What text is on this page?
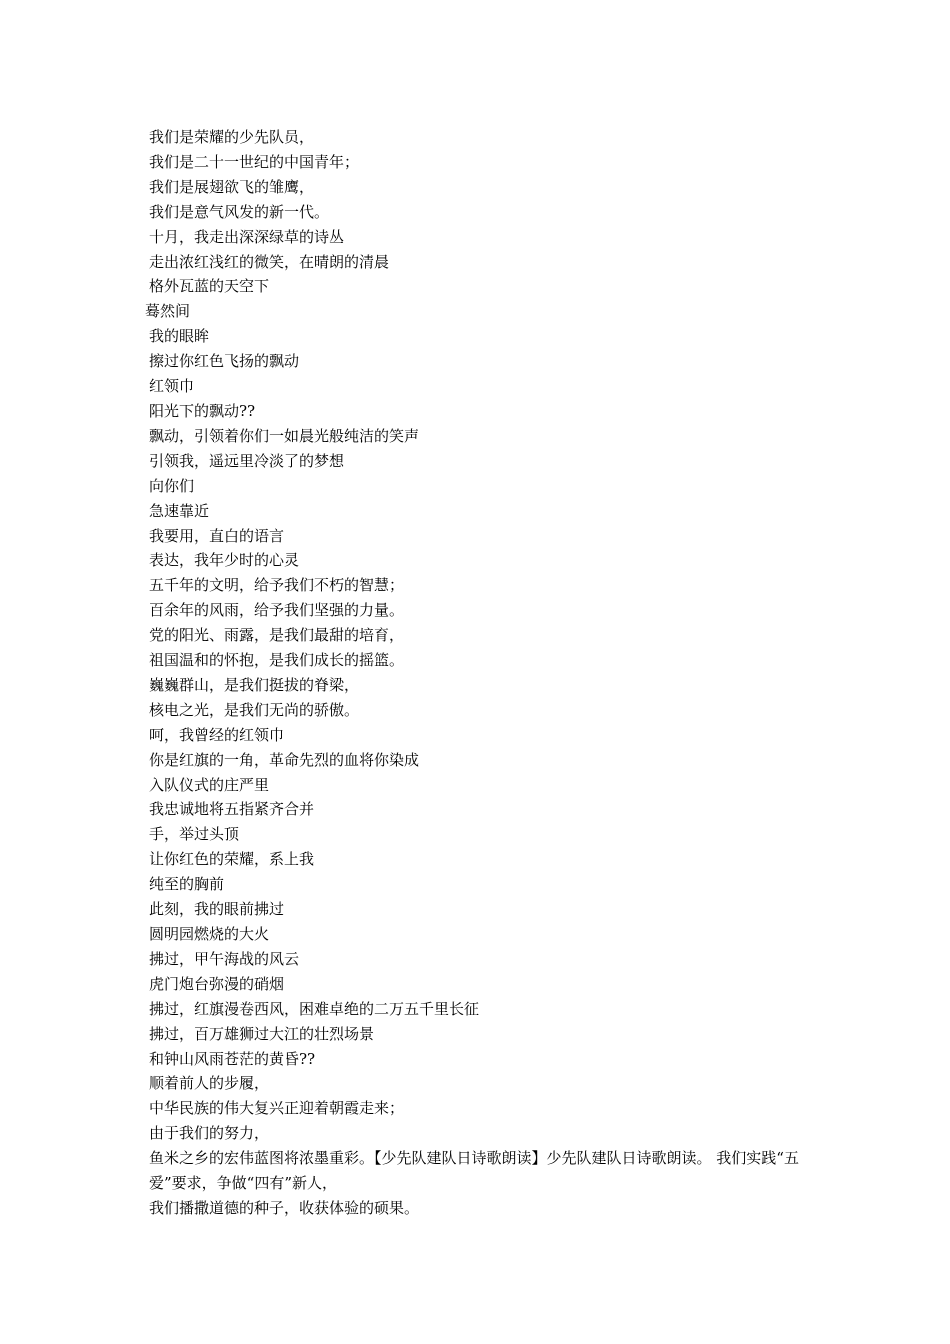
我们是荣耀的少先队员，
我们是二十一世纪的中国青年；
我们是展翅欲飞的雏鹰，
我们是意气风发的新一代。
十月，我走出深深绿草的诗丛
走出浓红浅红的微笑，在晴朗的清晨
格外瓦蓝的天空下
蓦然间
我的眼眸
擦过你红色飞扬的飘动
红领巾
阳光下的飘动??
飘动，引领着你们一如晨光般纯洁的笑声
引领我，遥远里冷淡了的梦想
向你们
急速靠近
我要用，直白的语言
表达，我年少时的心灵
五千年的文明，给予我们不朽的智慧；
百余年的风雨，给予我们坚强的力量。
党的阳光、雨露，是我们最甜的培育，
祖国温和的怀抱，是我们成长的摇篮。
巍巍群山，是我们挺拔的脊梁，
核电之光，是我们无尚的骄傲。
呵，我曾经的红领巾
你是红旗的一角，革命先烈的血将你染成
入队仪式的庄严里
我忠诚地将五指紧齐合并
手，举过头顶
让你红色的荣耀，系上我
纯至的胸前
此刻，我的眼前拂过
圆明园燃烧的大火
拂过，甲午海战的风云
虎门炮台弥漫的硝烟
拂过，红旗漫卷西风，困难卓绝的二万五千里长征
拂过，百万雄狮过大江的壮烈场景
和钟山风雨苍茫的黄昏??
顺着前人的步履，
中华民族的伟大复兴正迎着朝霞走来；
由于我们的努力，
鱼米之乡的宏伟蓝图将浓墨重彩。【少先队建队日诗歌朗读】少先队建队日诗歌朗读。 我们实践“五爱”要求，争做“四有”新人，
我们播撒道德的种子，收获体验的硕果。
